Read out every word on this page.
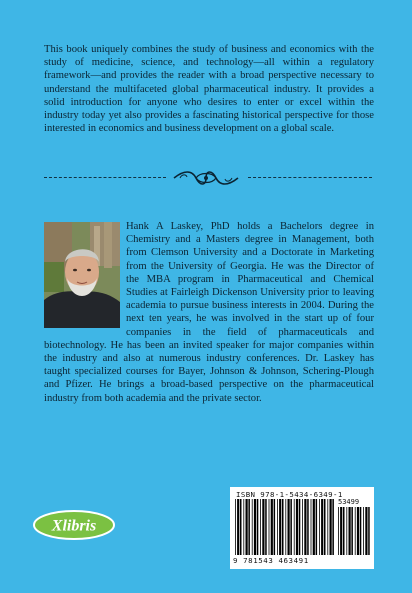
This book uniquely combines the study of business and economics with the study of medicine, science, and technology—all within a regulatory framework—and provides the reader with a broad perspective necessary to understand the multifaceted global pharmaceutical industry. It provides a solid introduction for anyone who desires to enter or excel within the industry today yet also provides a fascinating historical perspective for those interested in economics and business development on a global scale.

Hank A Laskey, PhD holds a Bachelors degree in Chemistry and a Masters degree in Management, both from Clemson University and a Doctorate in Marketing from the University of Georgia. He was the Director of the MBA program in Pharmaceutical and Chemical Studies at Fairleigh Dickenson University prior to leaving academia to pursue business interests in 2004. During the next ten years, he was involved in the start up of four companies in the field of pharmaceuticals and biotechnology. He has been an invited speaker for major companies within the industry and also at numerous industry conferences. Dr. Laskey has taught specialized courses for Bayer, Johnson & Johnson, Schering-Plough and Pfizer. He brings a broad-based perspective on the pharmaceutical industry from both academia and the private sector.
Xlibris
ISBN 978-1-5434-6349-1
53499
9 781543 463491
